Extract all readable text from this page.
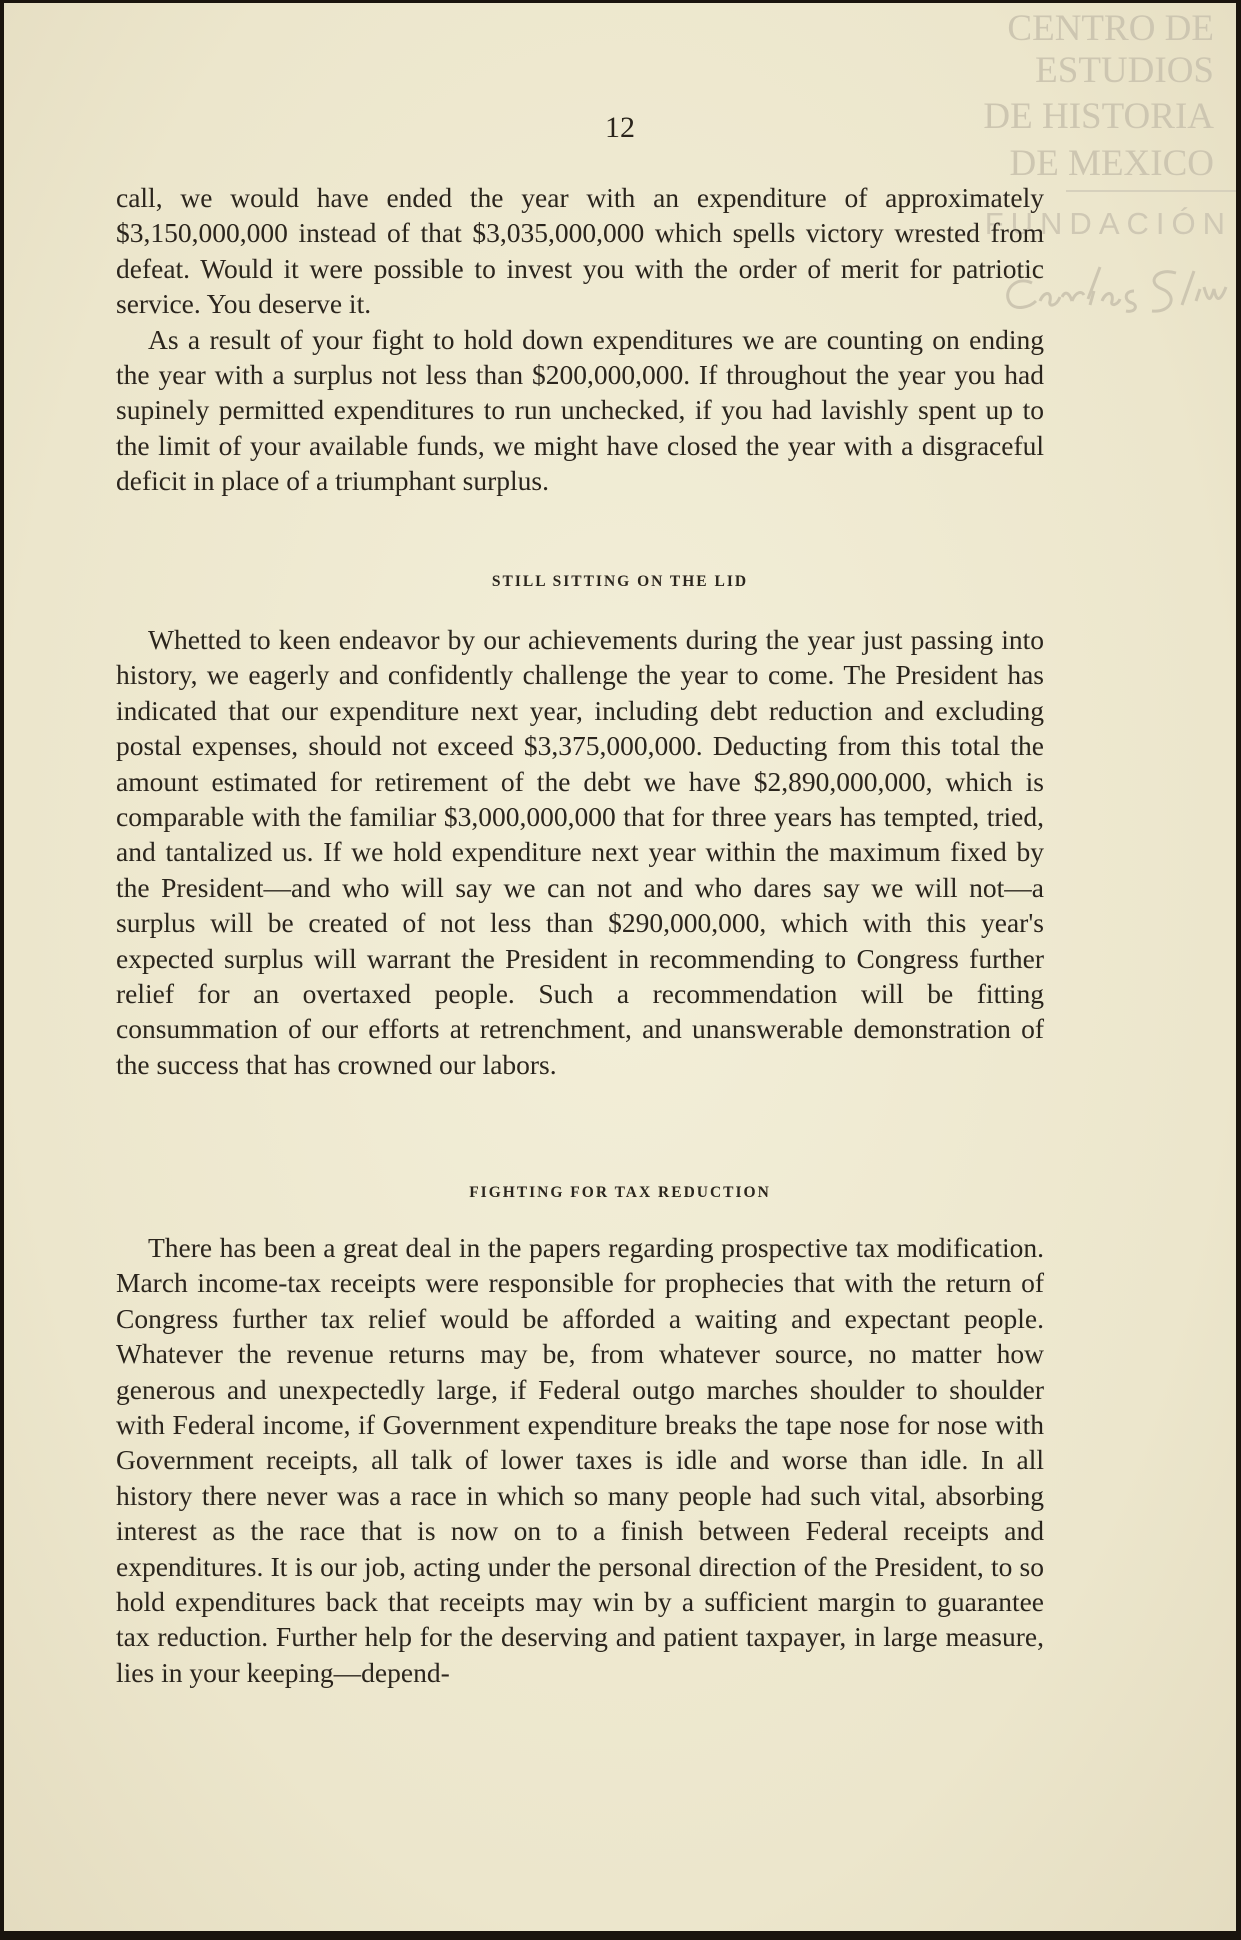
CENTRO DE
ESTUDIOS
DE HISTORIA
DE MEXICO
FUNDACIÓN
12

call, we would have ended the year with an expenditure of approximately $3,150,000,000 instead of that $3,035,000,000 which spells victory wrested from defeat. Would it were possible to invest you with the order of merit for patriotic service. You deserve it.

As a result of your fight to hold down expenditures we are counting on ending the year with a surplus not less than $200,000,000. If throughout the year you had supinely permitted expenditures to run unchecked, if you had lavishly spent up to the limit of your available funds, we might have closed the year with a disgraceful deficit in place of a triumphant surplus.

STILL SITTING ON THE LID

Whetted to keen endeavor by our achievements during the year just passing into history, we eagerly and confidently challenge the year to come. The President has indicated that our expenditure next year, including debt reduction and excluding postal expenses, should not exceed $3,375,000,000. Deducting from this total the amount estimated for retirement of the debt we have $2,890,000,000, which is comparable with the familiar $3,000,000,000 that for three years has tempted, tried, and tantalized us. If we hold expenditure next year within the maximum fixed by the President—and who will say we can not and who dares say we will not—a surplus will be created of not less than $290,000,000, which with this year's expected surplus will warrant the President in recommending to Congress further relief for an overtaxed people. Such a recommendation will be fitting consummation of our efforts at retrenchment, and unanswerable demonstration of the success that has crowned our labors.

FIGHTING FOR TAX REDUCTION

There has been a great deal in the papers regarding prospective tax modification. March income-tax receipts were responsible for prophecies that with the return of Congress further tax relief would be afforded a waiting and expectant people. Whatever the revenue returns may be, from whatever source, no matter how generous and unexpectedly large, if Federal outgo marches shoulder to shoulder with Federal income, if Government expenditure breaks the tape nose for nose with Government receipts, all talk of lower taxes is idle and worse than idle. In all history there never was a race in which so many people had such vital, absorbing interest as the race that is now on to a finish between Federal receipts and expenditures. It is our job, acting under the personal direction of the President, to so hold expenditures back that receipts may win by a sufficient margin to guarantee tax reduction. Further help for the deserving and patient taxpayer, in large measure, lies in your keeping—depend-
